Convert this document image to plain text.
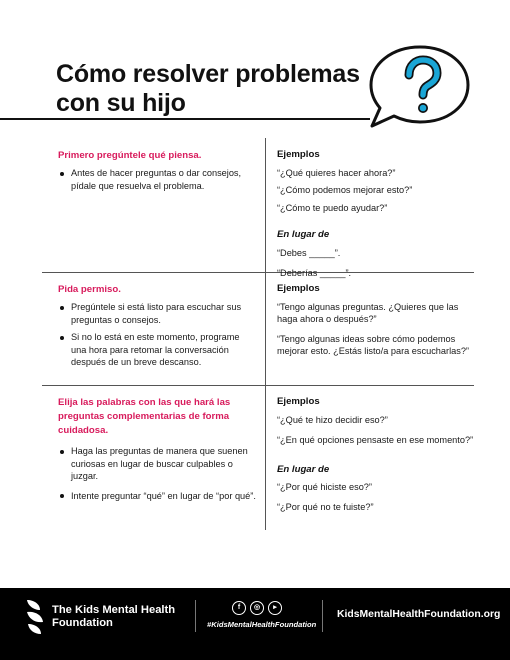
Cómo resolver problemas
con su hijo

Primero pregúntele qué piensa.

Antes de hacer preguntas o dar consejos, pídale que resuelva el problema.

Ejemplos

“¿Qué quieres hacer ahora?”

“¿Cómo podemos mejorar esto?”

“¿Cómo te puedo ayudar?”

En lugar de

“Debes _____”.

“Deberías _____”.

Pida permiso.

Pregúntele si está listo para escuchar sus preguntas o consejos.
Si no lo está en este momento, programe una hora para retomar la conversación después de un breve descanso.

Ejemplos

“Tengo algunas preguntas. ¿Quieres que las haga ahora o después?”

“Tengo algunas ideas sobre cómo podemos mejorar esto. ¿Estás listo/a para escucharlas?”

Elija las palabras con las que hará las preguntas complementarias de forma cuidadosa.

Haga las preguntas de manera que suenen curiosas en lugar de buscar culpables o juzgar.
Intente preguntar “qué” en lugar de “por qué”.

Ejemplos

“¿Qué te hizo decidir eso?”

“¿En qué opciones pensaste en ese momento?”

En lugar de

“¿Por qué hiciste eso?”

“¿Por qué no te fuiste?”

The Kids Mental Health
Foundation
f	◎	▸
#KidsMentalHealthFoundation
KidsMentalHealthFoundation.org
